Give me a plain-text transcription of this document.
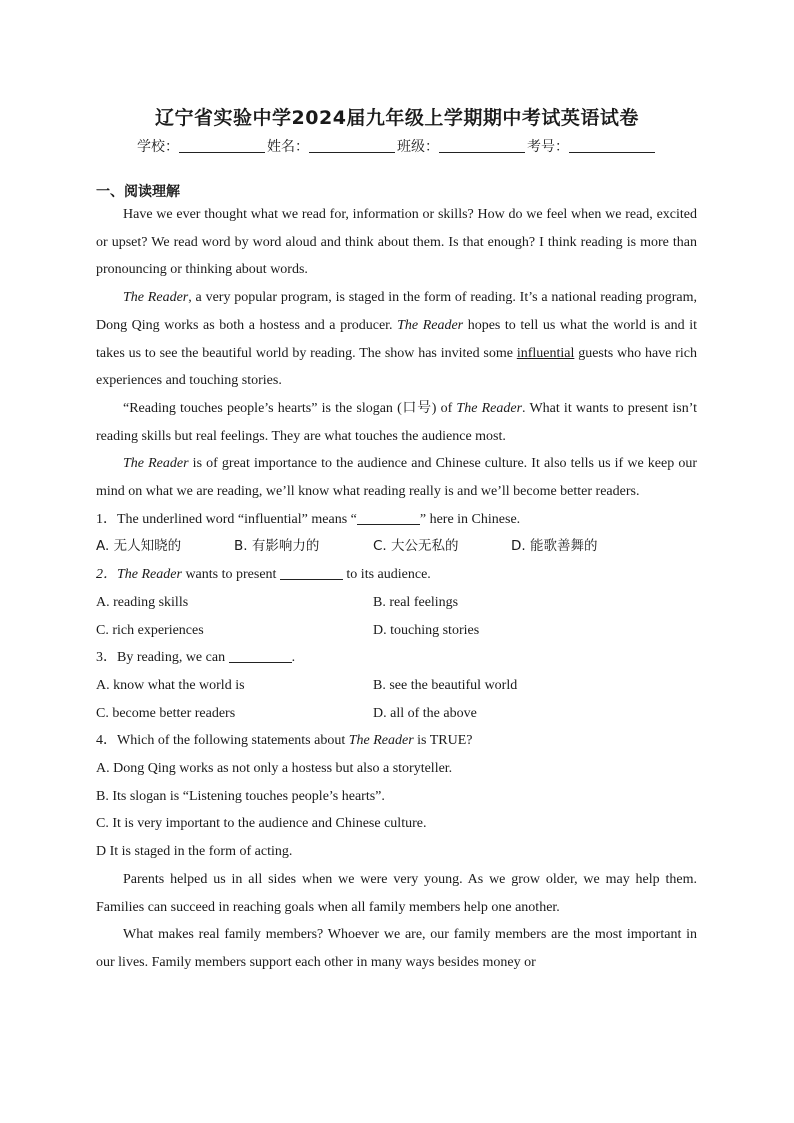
辽宁省实验中学2024届九年级上学期期中考试英语试卷
学校：	姓名：	班级：	考号：
一、阅读理解

Have we ever thought what we read for, information or skills? How do we feel when we read, excited or upset? We read word by word aloud and think about them. Is that enough? I think reading is more than pronouncing or thinking about words.

The Reader, a very popular program, is staged in the form of reading. It’s a national reading program, Dong Qing works as both a hostess and a producer. The Reader hopes to tell us what the world is and it takes us to see the beautiful world by reading. The show has invited some influential guests who have rich experiences and touching stories.

“Reading touches people’s hearts” is the slogan (口号) of The Reader. What it wants to present isn’t reading skills but real feelings. They are what touches the audience most.

The Reader is of great importance to the audience and Chinese culture. It also tells us if we keep our mind on what we are reading, we’ll know what reading really is and we’ll become better readers.

1．The underlined word “influential” means “	” here in Chinese.

A. 无人知晓的	B. 有影响力的	C. 大公无私的	D. 能歌善舞的

2．The Reader wants to present	to its audience.

A. reading skills	B. real feelings

C. rich experiences	D. touching stories

3．By reading, we can	.

A. know what the world is	B. see the beautiful world

C. become better readers	D. all of the above

4．Which of the following statements about The Reader is TRUE?

A. Dong Qing works as not only a hostess but also a storyteller.

B. Its slogan is “Listening touches people’s hearts”.

C. It is very important to the audience and Chinese culture.

D It is staged in the form of acting.

Parents helped us in all sides when we were very young. As we grow older, we may help them. Families can succeed in reaching goals when all family members help one another.

What makes real family members? Whoever we are, our family members are the most important in our lives. Family members support each other in many ways besides money or
